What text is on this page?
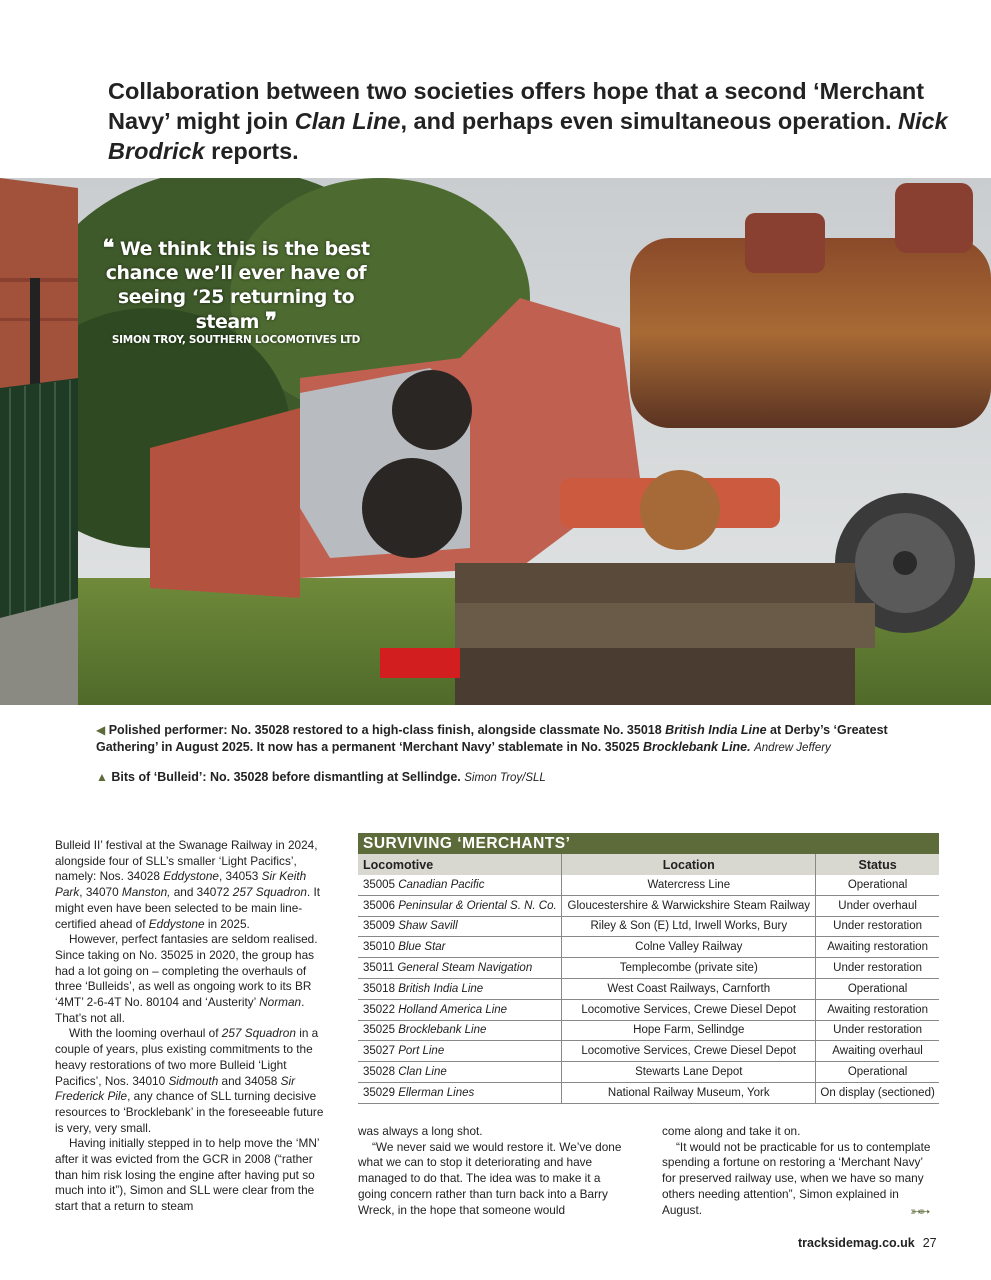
Collaboration between two societies offers hope that a second ‘Merchant Navy’ might join Clan Line, and perhaps even simultaneous operation. Nick Brodrick reports.
❝ We think this is the best chance we’ll ever have of seeing ‘25 returning to steam ❞
SIMON TROY, SOUTHERN LOCOMOTIVES LTD

◀ Polished performer: No. 35028 restored to a high-class finish, alongside classmate No. 35018 British India Line at Derby’s ‘Greatest Gathering’ in August 2025. It now has a permanent ‘Merchant Navy’ stablemate in No. 35025 Brocklebank Line. Andrew Jeffery

▲ Bits of ‘Bulleid’: No. 35028 before dismantling at Sellindge. Simon Troy/SLL

Bulleid II’ festival at the Swanage Railway in 2024, alongside four of SLL’s smaller ‘Light Pacifics’, namely: Nos. 34028 Eddystone, 34053 Sir Keith Park, 34070 Manston, and 34072 257 Squadron. It might even have been selected to be main line-certified ahead of Eddystone in 2025.

However, perfect fantasies are seldom realised. Since taking on No. 35025 in 2020, the group has had a lot going on – completing the overhauls of three ‘Bulleids’, as well as ongoing work to its BR ‘4MT’ 2-6-4T No. 80104 and ‘Austerity’ Norman. That’s not all.

With the looming overhaul of 257 Squadron in a couple of years, plus existing commitments to the heavy restorations of two more Bulleid ‘Light Pacifics’, Nos. 34010 Sidmouth and 34058 Sir Frederick Pile, any chance of SLL turning decisive resources to ‘Brocklebank’ in the foreseeable future is very, very small.

Having initially stepped in to help move the ‘MN’ after it was evicted from the GCR in 2008 (“rather than him risk losing the engine after having put so much into it”), Simon and SLL were clear from the start that a return to steam

SURVIVING ‘MERCHANTS’
Locomotive	Location	Status
35005 Canadian Pacific	Watercress Line	Operational
35006 Peninsular & Oriental S. N. Co.	Gloucestershire & Warwickshire Steam Railway	Under overhaul
35009 Shaw Savill	Riley & Son (E) Ltd, Irwell Works, Bury	Under restoration
35010 Blue Star	Colne Valley Railway	Awaiting restoration
35011 General Steam Navigation	Templecombe (private site)	Under restoration
35018 British India Line	West Coast Railways, Carnforth	Operational
35022 Holland America Line	Locomotive Services, Crewe Diesel Depot	Awaiting restoration
35025 Brocklebank Line	Hope Farm, Sellindge	Under restoration
35027 Port Line	Locomotive Services, Crewe Diesel Depot	Awaiting overhaul
35028 Clan Line	Stewarts Lane Depot	Operational
35029 Ellerman Lines	National Railway Museum, York	On display (sectioned)

was always a long shot.

“We never said we would restore it. We’ve done what we can to stop it deteriorating and have managed to do that. The idea was to make it a going concern rather than turn back into a Barry Wreck, in the hope that someone would

come along and take it on.

“It would not be practicable for us to contemplate spending a fortune on restoring a ‘Merchant Navy’ for preserved railway use, when we have so many others needing attention”, Simon explained in August.	➳➳
tracksidemag.co.uk 27
